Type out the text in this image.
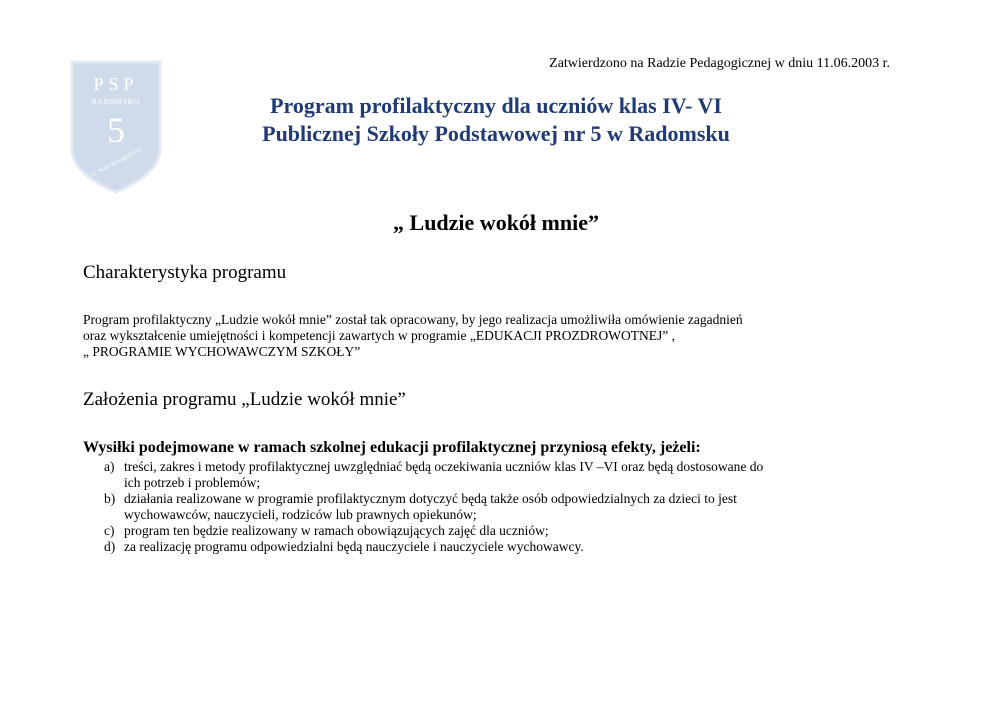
Zatwierdzono na Radzie Pedagogicznej w dniu 11.06.2003 r.
PSP
RADOMSKO
5
im. Marii Konopnickiej
Program profilaktyczny dla uczniów klas IV- VI
Publicznej Szkoły Podstawowej nr 5 w Radomsku
„ Ludzie wokół mnie”
Charakterystyka programu
Program profilaktyczny „Ludzie wokół mnie” został tak opracowany, by jego realizacja umożliwiła omówienie zagadnień
oraz wykształcenie umiejętności i kompetencji zawartych w programie „EDUKACJI PROZDROWOTNEJ” ,
„ PROGRAMIE WYCHOWAWCZYM SZKOŁY”
Założenia programu „Ludzie wokół mnie”
Wysiłki podejmowane w ramach szkolnej edukacji profilaktycznej przyniosą efekty, jeżeli:
a) treści, zakres i metody profilaktycznej uwzględniać będą oczekiwania uczniów klas IV –VI oraz będą dostosowane do
ich potrzeb i problemów;
b) działania realizowane w programie profilaktycznym dotyczyć będą także osób odpowiedzialnych za dzieci to jest
wychowawców, nauczycieli, rodziców lub prawnych opiekunów;
c) program ten będzie realizowany w ramach obowiązujących zajęć dla uczniów;
d) za realizację programu odpowiedzialni będą nauczyciele i nauczyciele wychowawcy.
